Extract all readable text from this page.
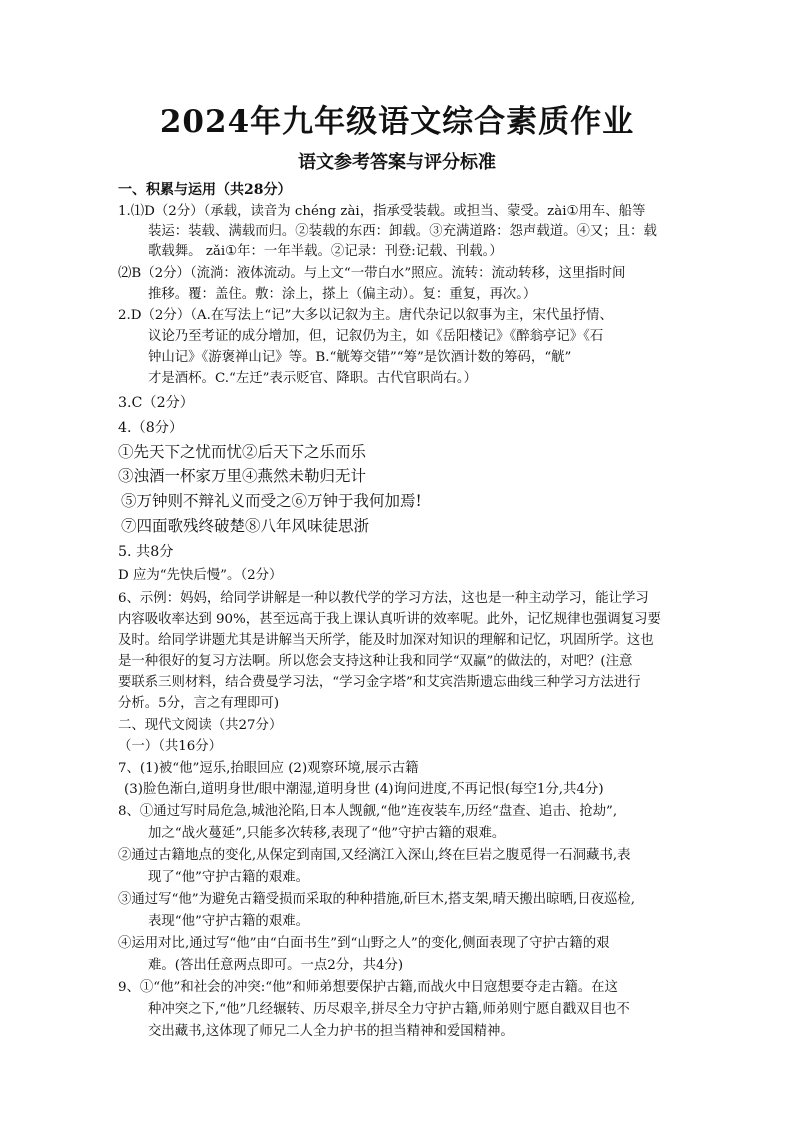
2024年九年级语文综合素质作业
语文参考答案与评分标准
一、积累与运用（共28分）
1.⑴D（2分）（承载，读音为 chéng zài，指承受装载。或担当、蒙受。zài①用车、船等
装运：装载、满载而归。②装载的东西：卸载。③充满道路：怨声载道。④又；且：载
歌载舞。 zǎi①年：一年半载。②记录：刊登:记载、刊载。）
⑵B（2分）（流淌：液体流动。与上文“一带白水”照应。流转：流动转移，这里指时间
推移。覆：盖住。敷：涂上，搽上（偏主动）。复：重复，再次。）
2.D（2分）（A.在写法上“记”大多以记叙为主。唐代杂记以叙事为主，宋代虽抒情、
议论乃至考证的成分增加，但，记叙仍为主，如《岳阳楼记》《醉翁亭记》《石
钟山记》《游褒禅山记》等。B.“觥筹交错”“筹”是饮酒计数的筹码，“觥”
才是酒杯。C.“左迁”表示贬官、降职。古代官职尚右。）
3.C（2分）
4.（8分）
①先天下之忧而忧②后天下之乐而乐
③浊酒一杯家万里④燕然未勒归无计
⑤万钟则不辩礼义而受之⑥万钟于我何加焉!
⑦四面歌残终破楚⑧八年风味徒思浙
5. 共8分
D 应为“先快后慢”。（2分）
6、示例：妈妈，给同学讲解是一种以教代学的学习方法，这也是一种主动学习，能让学习
内容吸收率达到 90%，甚至远高于我上课认真听讲的效率呢。此外，记忆规律也强调复习要
及时。给同学讲题尤其是讲解当天所学，能及时加深对知识的理解和记忆，巩固所学。这也
是一种很好的复习方法啊。所以您会支持这种让我和同学“双赢”的做法的，对吧？(注意
要联系三则材料，结合费曼学习法，“学习金字塔”和艾宾浩斯遗忘曲线三种学习方法进行
分析。5分，言之有理即可)
二、现代文阅读（共27分）
（一）（共16分）
7、(1)被“他”逗乐,抬眼回应 (2)观察环境,展示古籍
(3)脸色渐白,道明身世/眼中潮湿,道明身世 (4)询问进度,不再记恨(每空1分,共4分)
8、①通过写时局危急,城池沦陷,日本人觊觎,“他”连夜装车,历经“盘查、追击、抢劫”,
加之“战火蔓延”,只能多次转移,表现了“他”守护古籍的艰难。
②通过古籍地点的变化,从保定到南国,又经漓江入深山,终在巨岩之腹觅得一石洞藏书,表
现了“他”守护古籍的艰难。
③通过写“他”为避免古籍受损而采取的种种措施,斫巨木,搭支架,晴天搬出晾晒,日夜巡检,
表现“他”守护古籍的艰难。
④运用对比,通过写“他”由“白面书生”到“山野之人”的变化,侧面表现了守护古籍的艰
难。(答出任意两点即可。一点2分，共4分)
9、①“他”和社会的冲突:“他”和师弟想要保护古籍,而战火中日寇想要夺走古籍。在这
种冲突之下,“他”几经辗转、历尽艰辛,拼尽全力守护古籍,师弟则宁愿自戳双目也不
交出藏书,这体现了师兄二人全力护书的担当精神和爱国精神。
